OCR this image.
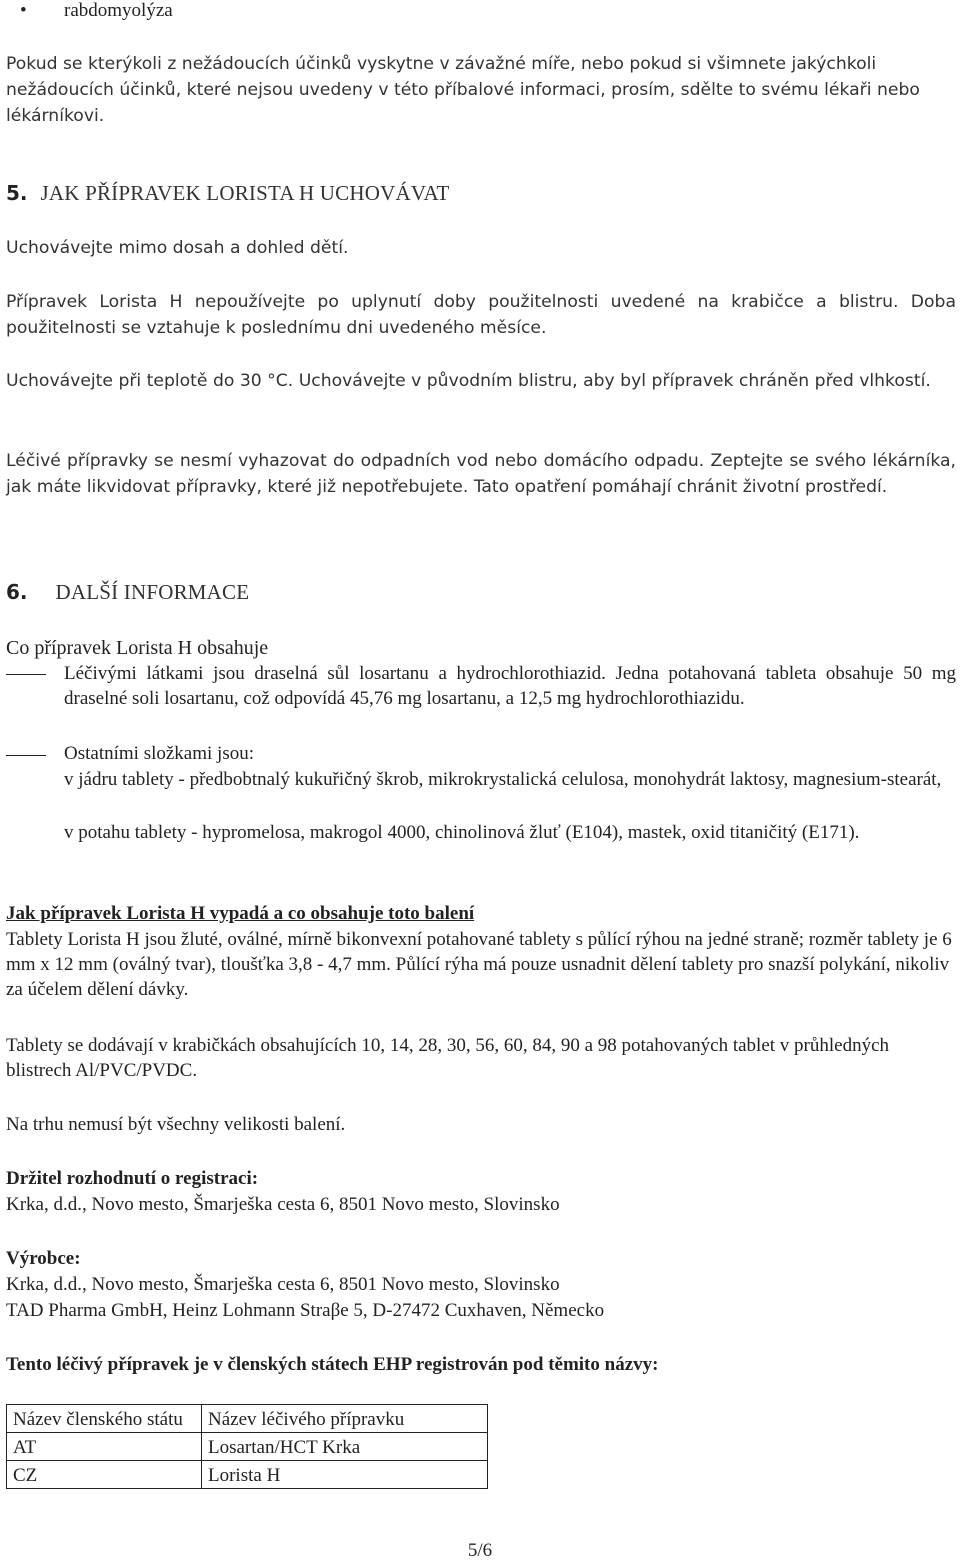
• rabdomyolýza
Pokud se kterýkoli z nežádoucích účinků vyskytne v závažné míře, nebo pokud si všimnete jakýchkoli nežádoucích účinků, které nejsou uvedeny v této příbalové informaci, prosím, sdělte to svému lékaři nebo lékárníkovi.
5. JAK PŘÍPRAVEK LORISTA H UCHOVÁVAT
Uchovávejte mimo dosah a dohled dětí.
Přípravek Lorista H nepoužívejte po uplynutí doby použitelnosti uvedené na krabičce a blistru. Doba použitelnosti se vztahuje k poslednímu dni uvedeného měsíce.
Uchovávejte při teplotě do 30 °C. Uchovávejte v původním blistru, aby byl přípravek chráněn před vlhkostí.
Léčivé přípravky se nesmí vyhazovat do odpadních vod nebo domácího odpadu. Zeptejte se svého lékárníka, jak máte likvidovat přípravky, které již nepotřebujete. Tato opatření pomáhají chránit životní prostředí.
6. DALŠÍ INFORMACE
Co přípravek Lorista H obsahuje
Léčivými látkami jsou draselná sůl losartanu a hydrochlorothiazid. Jedna potahovaná tableta obsahuje 50 mg draselné soli losartanu, což odpovídá 45,76 mg losartanu, a 12,5 mg hydrochlorothiazidu.
Ostatními složkami jsou:
v jádru tablety - předbobtnalý kukuřičný škrob, mikrokrystalická celulosa, monohydrát laktosy, magnesium-stearát,
v potahu tablety - hypromelosa, makrogol 4000, chinolinová žluť (E104), mastek, oxid titaničitý (E171).
Jak přípravek Lorista H vypadá a co obsahuje toto balení
Tablety Lorista H jsou žluté, oválné, mírně bikonvexní potahované tablety s půlící rýhou na jedné straně; rozměr tablety je 6 mm x 12 mm (oválný tvar), tloušťka 3,8 - 4,7 mm. Půlící rýha má pouze usnadnit dělení tablety pro snazší polykání, nikoliv za účelem dělení dávky.
Tablety se dodávají v krabičkách obsahujících 10, 14, 28, 30, 56, 60, 84, 90 a 98 potahovaných tablet v průhledných blistrech Al/PVC/PVDC.
Na trhu nemusí být všechny velikosti balení.
Držitel rozhodnutí o registraci:
Krka, d.d., Novo mesto, Šmarješka cesta 6, 8501 Novo mesto, Slovinsko
Výrobce:
Krka, d.d., Novo mesto, Šmarješka cesta 6, 8501 Novo mesto, Slovinsko
TAD Pharma GmbH, Heinz Lohmann Straβe 5, D-27472 Cuxhaven, Německo
Tento léčivý přípravek je v členských státech EHP registrován pod těmito názvy:
Název členského státu	Název léčivého přípravku
AT	Losartan/HCT Krka
CZ	Lorista H
5/6
